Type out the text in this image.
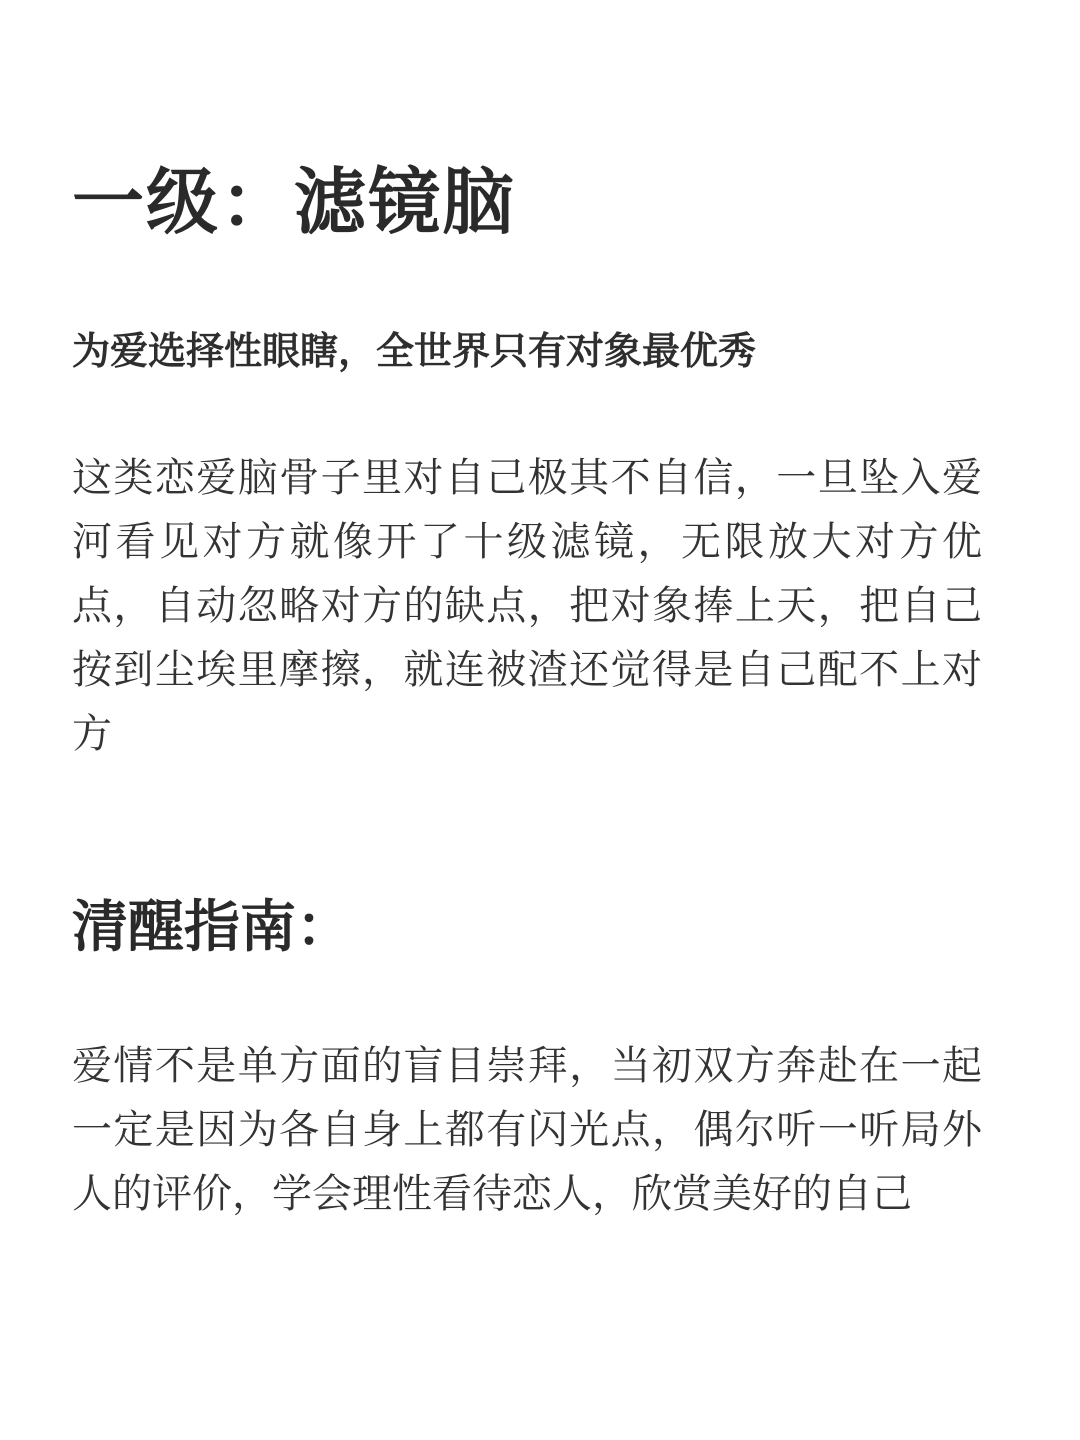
一级：滤镜脑

为爱选择性眼瞎，全世界只有对象最优秀

这类恋爱脑骨子里对自己极其不自信，一旦坠入爱河看见对方就像开了十级滤镜，无限放大对方优点，自动忽略对方的缺点，把对象捧上天，把自己按到尘埃里摩擦，就连被渣还觉得是自己配不上对方

清醒指南：

爱情不是单方面的盲目崇拜，当初双方奔赴在一起一定是因为各自身上都有闪光点，偶尔听一听局外人的评价，学会理性看待恋人，欣赏美好的自己
